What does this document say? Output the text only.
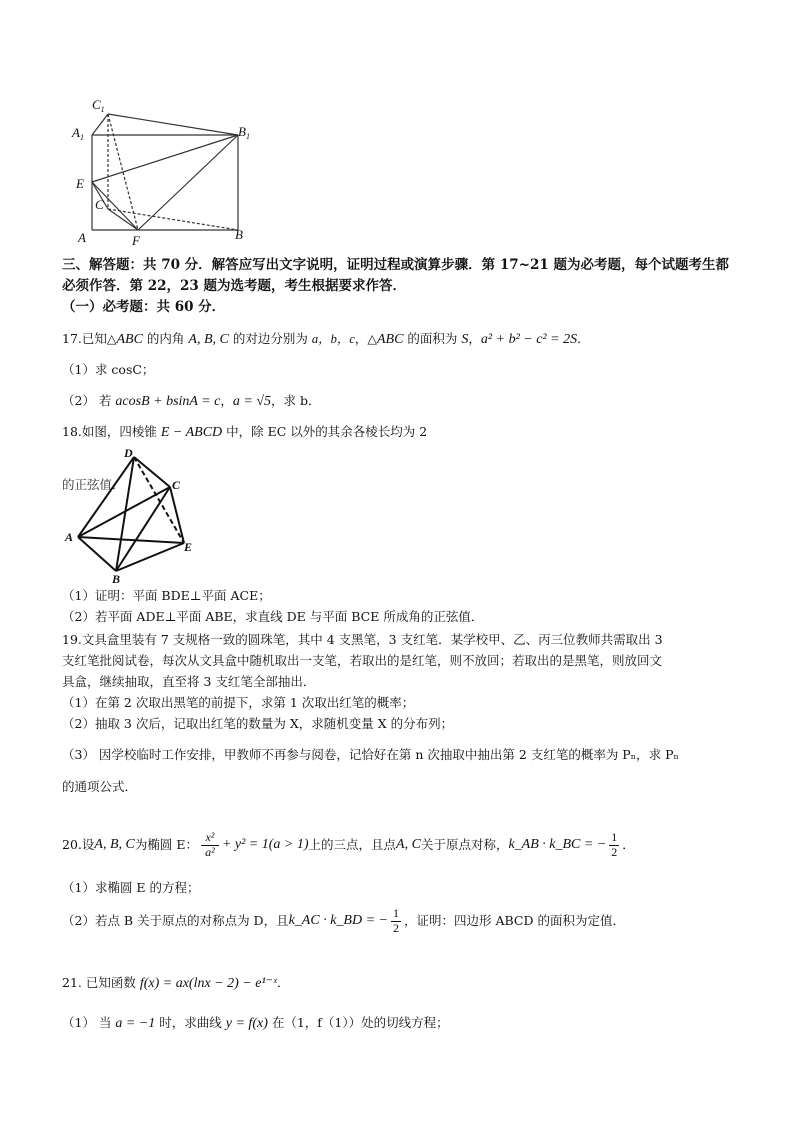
$C_1$
$A_1$	$B_1$
E
C
A	F	B
三、解答题：共 70 分．解答应写出文字说明，证明过程或演算步骤．第 17~21 题为必考题，每个试题考生都必须作答．第 22，23 题为选考题，考生根据要求作答．
（一）必考题：共 60 分．
17.已知△ABC 的内角 A, B, C 的对边分别为 a，b，c，△ABC 的面积为 S，a² + b² − c² = 2S．
（1）求 cosC；
（2） 若 acosB + bsinA = c，a = √5，求 b．
18.如图，四棱锥 E − ABCD 中，除 EC 以外的其余各棱长均为 2
的正弦值．
D
C
A
E
B
（1）证明：平面 BDE⊥平面 ACE；
（2）若平面 ADE⊥平面 ABE，求直线 DE 与平面 BCE 所成角的正弦值．
19.文具盒里装有 7 支规格一致的圆珠笔，其中 4 支黑笔，3 支红笔．某学校甲、乙、丙三位教师共需取出 3
支红笔批阅试卷，每次从文具盒中随机取出一支笔，若取出的是红笔，则不放回；若取出的是黑笔，则放回文
具盒，继续抽取，直至将 3 支红笔全部抽出．
（1）在第 2 次取出黑笔的前提下，求第 1 次取出红笔的概率；
（2）抽取 3 次后，记取出红笔的数量为 X，求随机变量 X 的分布列；
（3） 因学校临时工作安排，甲教师不再参与阅卷，记恰好在第 n 次抽取中抽出第 2 支红笔的概率为 Pₙ，求 Pₙ
的通项公式．
20.设 A, B, C 为椭圆 E： x²
a² + y² = 1(a > 1) 上的三点，且点 A, C 关于原点对称， k_AB · k_BC = − 1
2 ．
（1）求椭圆 E 的方程；
（2）若点 B 关于原点的对称点为 D，且 k_AC · k_BD = − 1
2 ，证明：四边形 ABCD 的面积为定值．
21. 已知函数 f(x) = ax(lnx − 2) − e¹⁻ˣ．
（1） 当 a = −1 时，求曲线 y = f(x) 在（1，f（1））处的切线方程；
